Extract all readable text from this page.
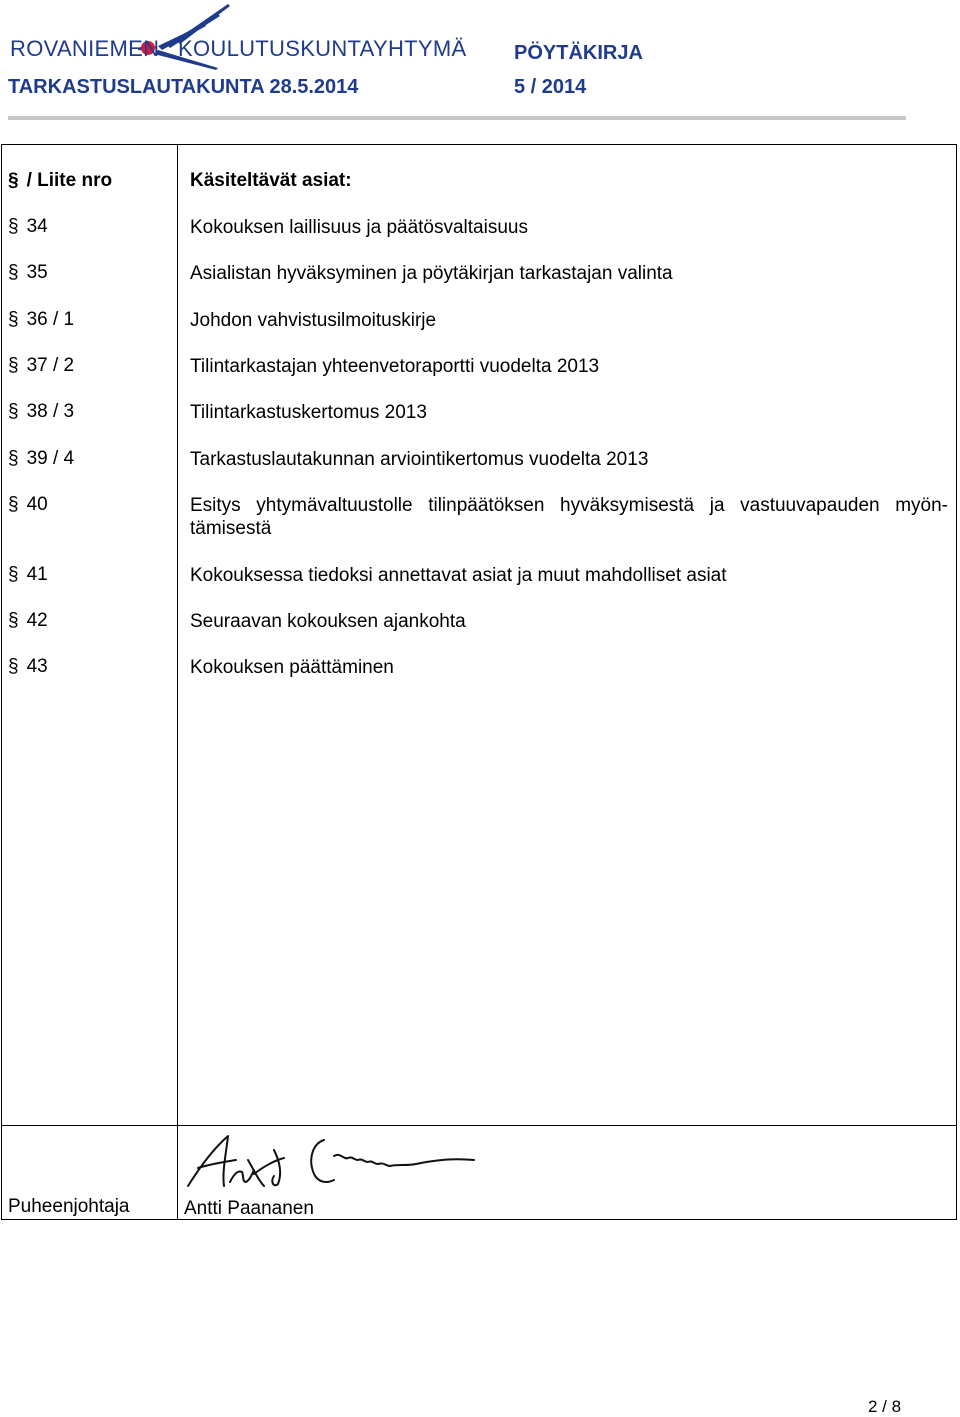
ROVANIEMEN KOULUTUSKUNTAYHTYMÄ PÖYTÄKIRJA
TARKASTUSLAUTAKUNTA 28.5.2014	5 / 2014
§ / Liite nro	Käsiteltävät asiat:
§ 34	Kokouksen laillisuus ja päätösvaltaisuus
§ 35	Asialistan hyväksyminen ja pöytäkirjan tarkastajan valinta
§ 36 / 1	Johdon vahvistusilmoituskirje
§ 37 / 2	Tilintarkastajan yhteenvetoraportti vuodelta 2013
§ 38 / 3	Tilintarkastuskertomus 2013
§ 39 / 4	Tarkastuslautakunnan arviointikertomus vuodelta 2013
§ 40	Esitys yhtymävaltuustolle tilinpäätöksen hyväksymisestä ja vastuuvapauden myön-tämisestä
§ 41	Kokouksessa tiedoksi annettavat asiat ja muut mahdolliset asiat
§ 42	Seuraavan kokouksen ajankohta
§ 43	Kokouksen päättäminen
Puheenjohtaja	Antti Paananen
2 / 8
